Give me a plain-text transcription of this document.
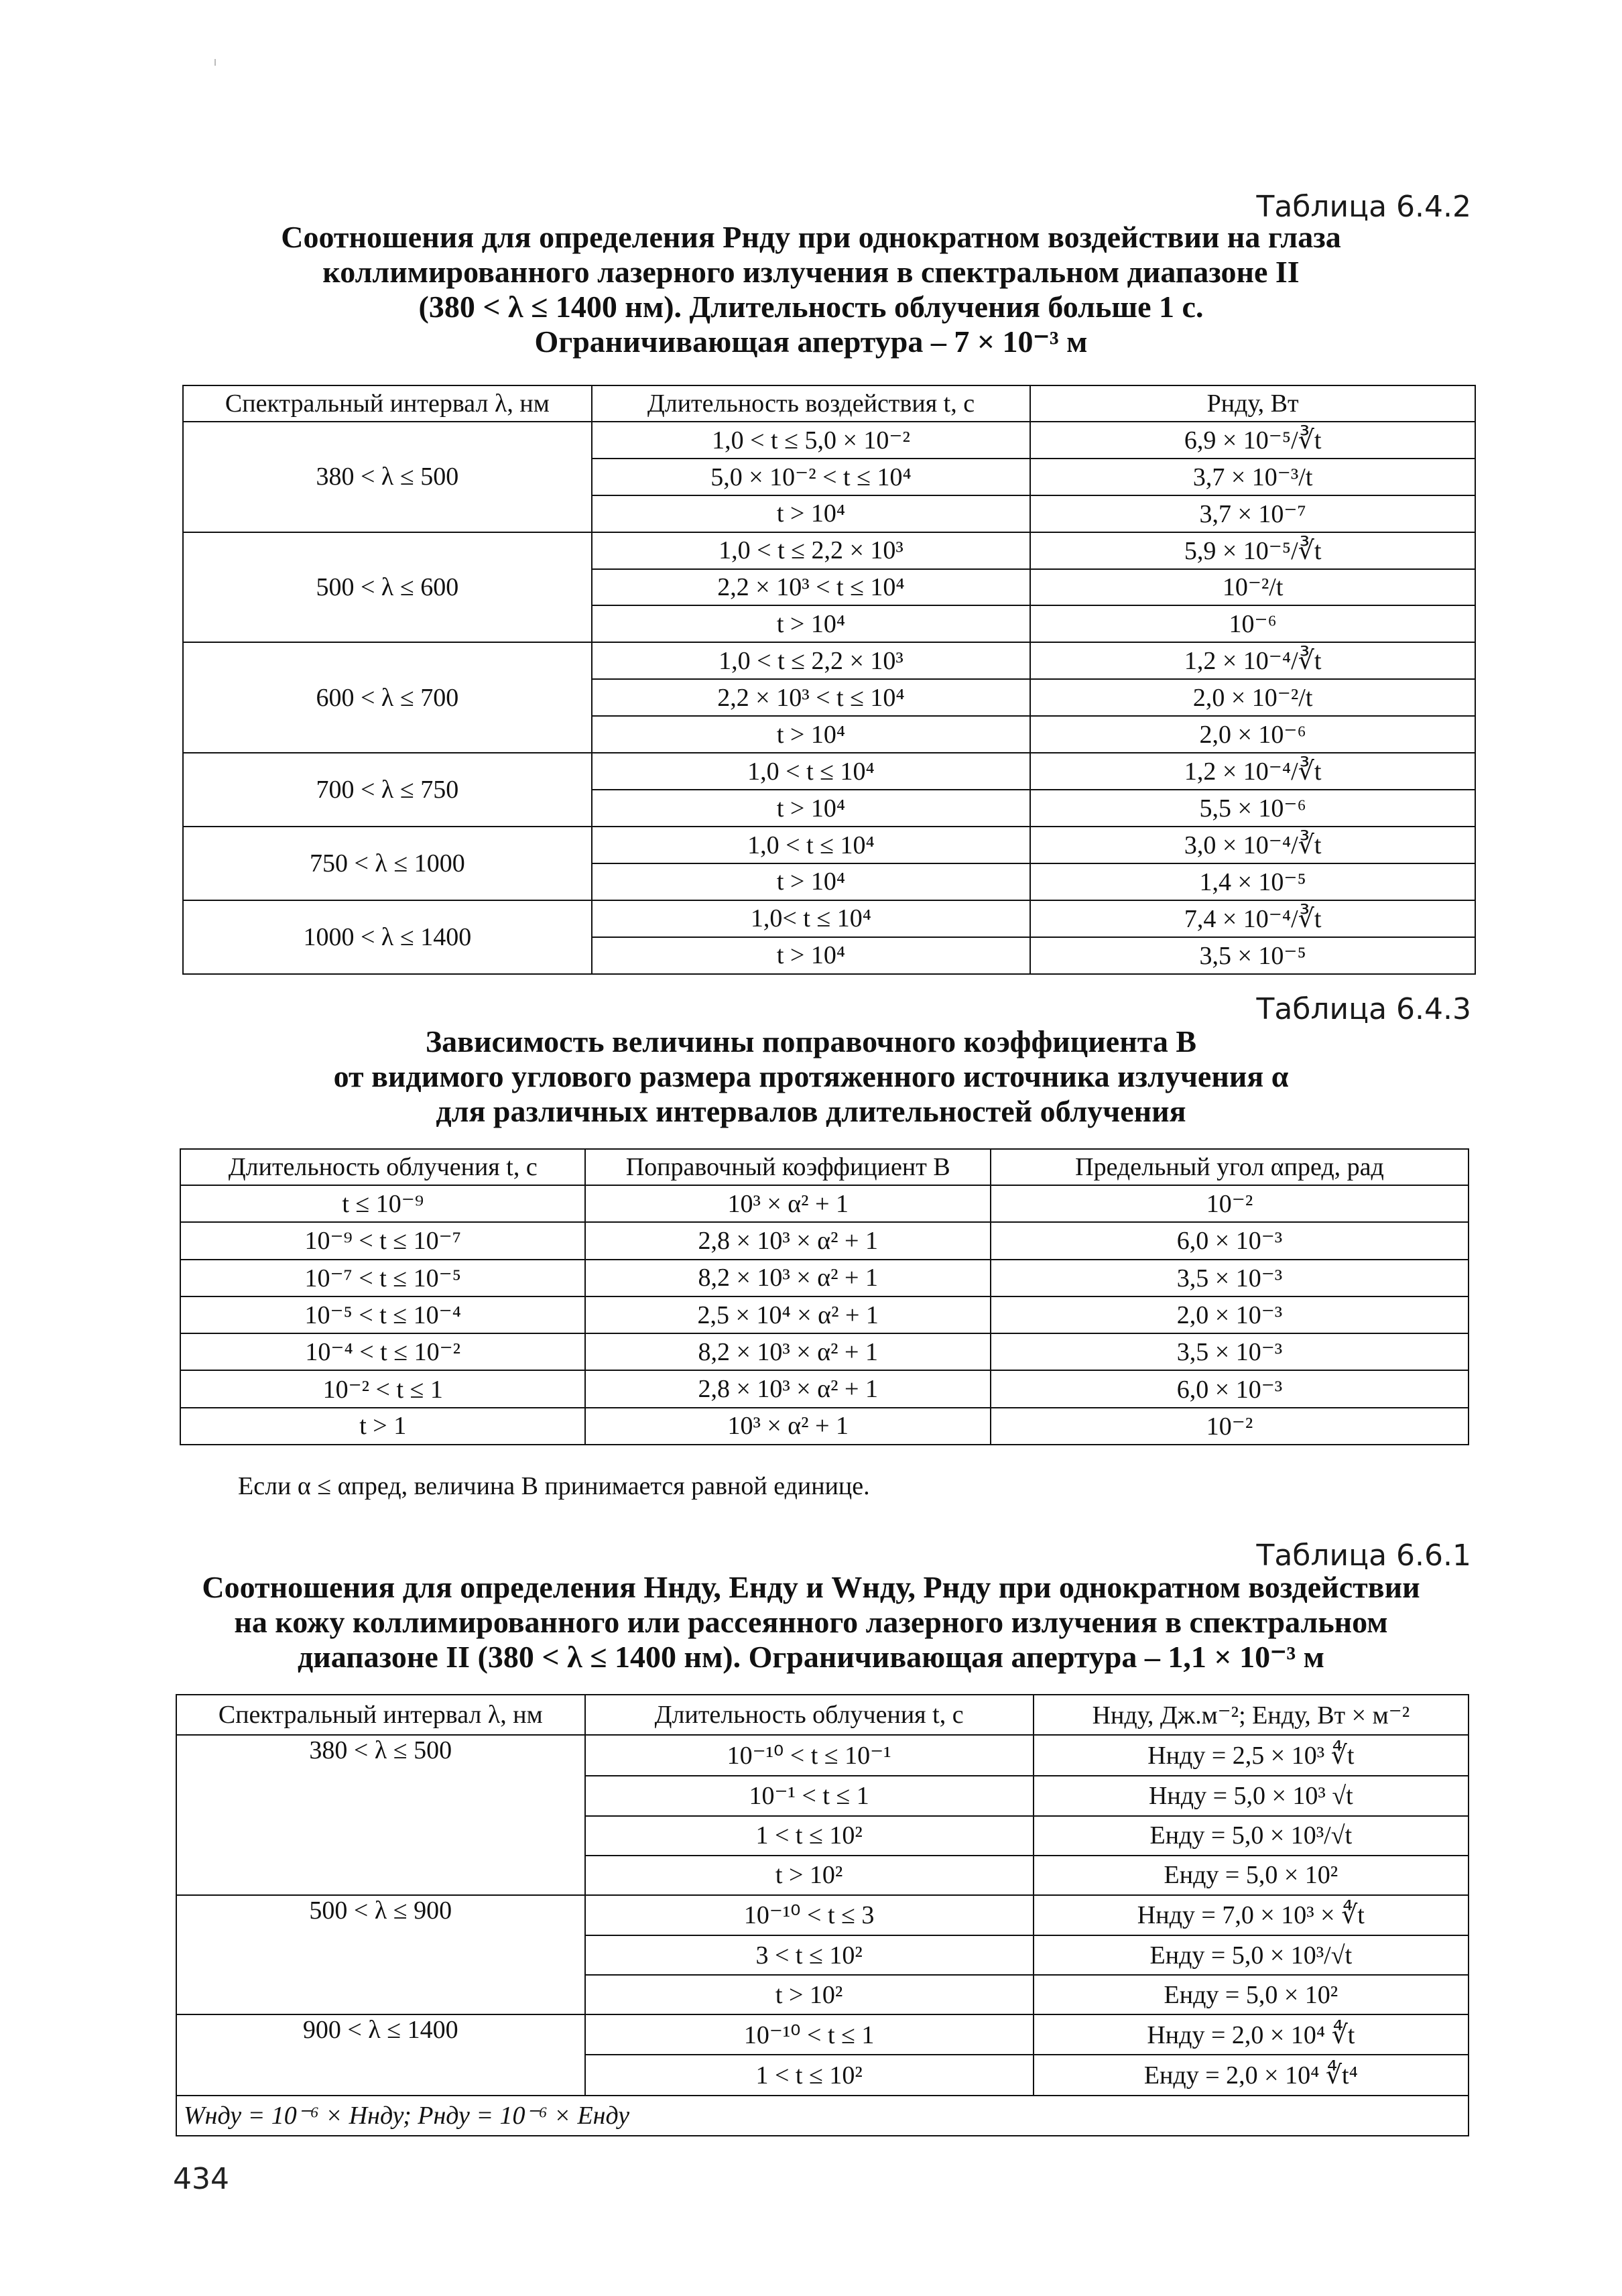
Таблица 6.4.2

Соотношения для определения Pнду при однократном воздействии на глаза

коллимированного лазерного излучения в спектральном диапазоне II

(380 < λ ≤ 1400 нм). Длительность облучения больше 1 с.

Ограничивающая апертура – 7 × 10⁻³ м

Спектральный интервал λ, нм	Длительность воздействия t, с	Pнду, Вт
380 < λ ≤ 500	1,0 < t ≤ 5,0 × 10⁻²	6,9 × 10⁻⁵/∛t
	5,0 × 10⁻² < t ≤ 10⁴	3,7 × 10⁻³/t
	t > 10⁴	3,7 × 10⁻⁷
500 < λ ≤ 600	1,0 < t ≤ 2,2 × 10³	5,9 × 10⁻⁵/∛t
	2,2 × 10³ < t ≤ 10⁴	10⁻²/t
	t > 10⁴	10⁻⁶
600 < λ ≤ 700	1,0 < t ≤ 2,2 × 10³	1,2 × 10⁻⁴/∛t
	2,2 × 10³ < t ≤ 10⁴	2,0 × 10⁻²/t
	t > 10⁴	2,0 × 10⁻⁶
700 < λ ≤ 750	1,0 < t ≤ 10⁴	1,2 × 10⁻⁴/∛t
	t > 10⁴	5,5 × 10⁻⁶
750 < λ ≤ 1000	1,0 < t ≤ 10⁴	3,0 × 10⁻⁴/∛t
	t > 10⁴	1,4 × 10⁻⁵
1000 < λ ≤ 1400	1,0< t ≤ 10⁴	7,4 × 10⁻⁴/∛t
	t > 10⁴	3,5 × 10⁻⁵
Таблица 6.4.3

Зависимость величины поправочного коэффициента B

от видимого углового размера протяженного источника излучения α

для различных интервалов длительностей облучения

Длительность облучения t, с	Поправочный коэффициент B	Предельный угол αпред, рад
t ≤ 10⁻⁹	10³ × α² + 1	10⁻²
10⁻⁹ < t ≤ 10⁻⁷	2,8 × 10³ × α² + 1	6,0 × 10⁻³
10⁻⁷ < t ≤ 10⁻⁵	8,2 × 10³ × α² + 1	3,5 × 10⁻³
10⁻⁵ < t ≤ 10⁻⁴	2,5 × 10⁴ × α² + 1	2,0 × 10⁻³
10⁻⁴ < t ≤ 10⁻²	8,2 × 10³ × α² + 1	3,5 × 10⁻³
10⁻² < t ≤ 1	2,8 × 10³ × α² + 1	6,0 × 10⁻³
t > 1	10³ × α² + 1	10⁻²
Если α ≤ αпред, величина B принимается равной единице.
Таблица 6.6.1

Соотношения для определения Hнду, Eнду и Wнду, Pнду при однократном воздействии

на кожу коллимированного или рассеянного лазерного излучения в спектральном

диапазоне II (380 < λ ≤ 1400 нм). Ограничивающая апертура – 1,1 × 10⁻³ м

Спектральный интервал λ, нм	Длительность облучения t, с	Hнду, Дж.м⁻²; Eнду, Вт × м⁻²
380 < λ ≤ 500	10⁻¹⁰ < t ≤ 10⁻¹	Hнду = 2,5 × 10³ ∜t
	10⁻¹ < t ≤ 1	Hнду = 5,0 × 10³ √t
	1 < t ≤ 10²	Eнду = 5,0 × 10³/√t
	t > 10²	Eнду = 5,0 × 10²
500 < λ ≤ 900	10⁻¹⁰ < t ≤ 3	Hнду = 7,0 × 10³ × ∜t
	3 < t ≤ 10²	Eнду = 5,0 × 10³/√t
	t > 10²	Eнду = 5,0 × 10²
900 < λ ≤ 1400	10⁻¹⁰ < t ≤ 1	Hнду = 2,0 × 10⁴ ∜t
	1 < t ≤ 10²	Eнду = 2,0 × 10⁴ ∜t⁴
Wнду = 10⁻⁶ × Hнду; Pнду = 10⁻⁶ × Eнду		
434
